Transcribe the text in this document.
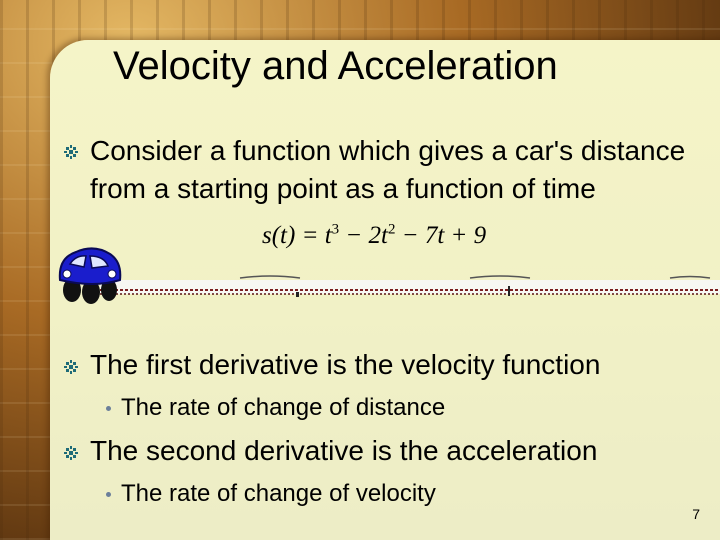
Velocity and Acceleration

Consider a function which gives a car's distance from a starting point as a function of time

$s(t) = t^3 - 2t^2 - 7t + 9$

The first derivative is the velocity function

The rate of change of distance

The second derivative is the acceleration

The rate of change of velocity

7
